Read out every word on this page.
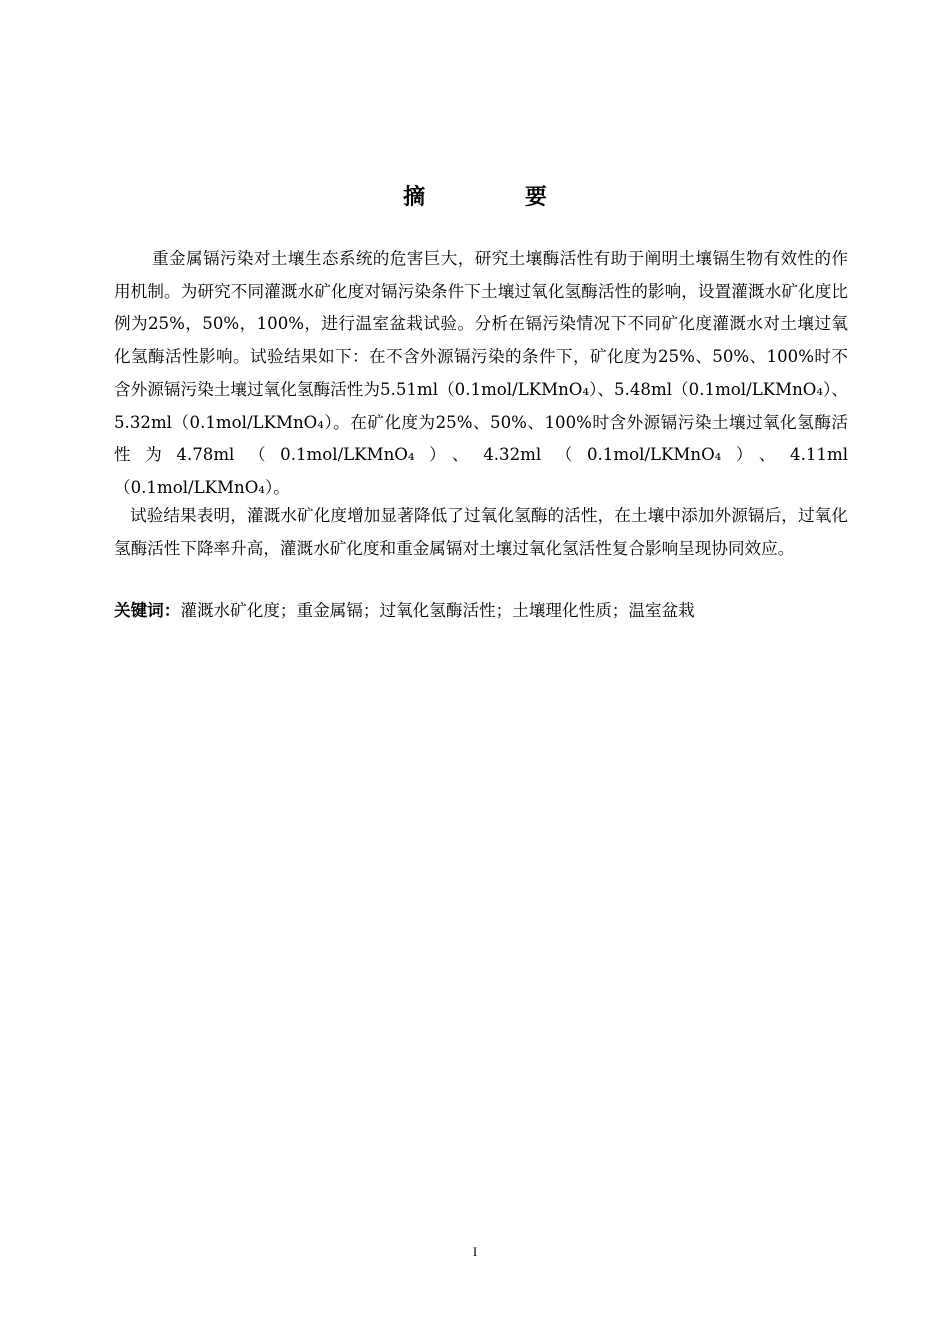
摘 要

重金属镉污染对土壤生态系统的危害巨大，研究土壤酶活性有助于阐明土壤镉生物有效性的作用机制。为研究不同灌溉水矿化度对镉污染条件下土壤过氧化氢酶活性的影响，设置灌溉水矿化度比例为25%，50%，100%，进行温室盆栽试验。分析在镉污染情况下不同矿化度灌溉水对土壤过氧化氢酶活性影响。试验结果如下：在不含外源镉污染的条件下，矿化度为25%、50%、100%时不含外源镉污染土壤过氧化氢酶活性为5.51ml（0.1mol/LKMnO₄）、5.48ml（0.1mol/LKMnO₄）、5.32ml（0.1mol/LKMnO₄）。在矿化度为25%、50%、100%时含外源镉污染土壤过氧化氢酶活性为4.78ml（0.1mol/LKMnO₄）、4.32ml（0.1mol/LKMnO₄）、4.11ml（0.1mol/LKMnO₄）。

试验结果表明，灌溉水矿化度增加显著降低了过氧化氢酶的活性，在土壤中添加外源镉后，过氧化氢酶活性下降率升高，灌溉水矿化度和重金属镉对土壤过氧化氢活性复合影响呈现协同效应。

关键词：灌溉水矿化度；重金属镉；过氧化氢酶活性；土壤理化性质；温室盆栽

I
